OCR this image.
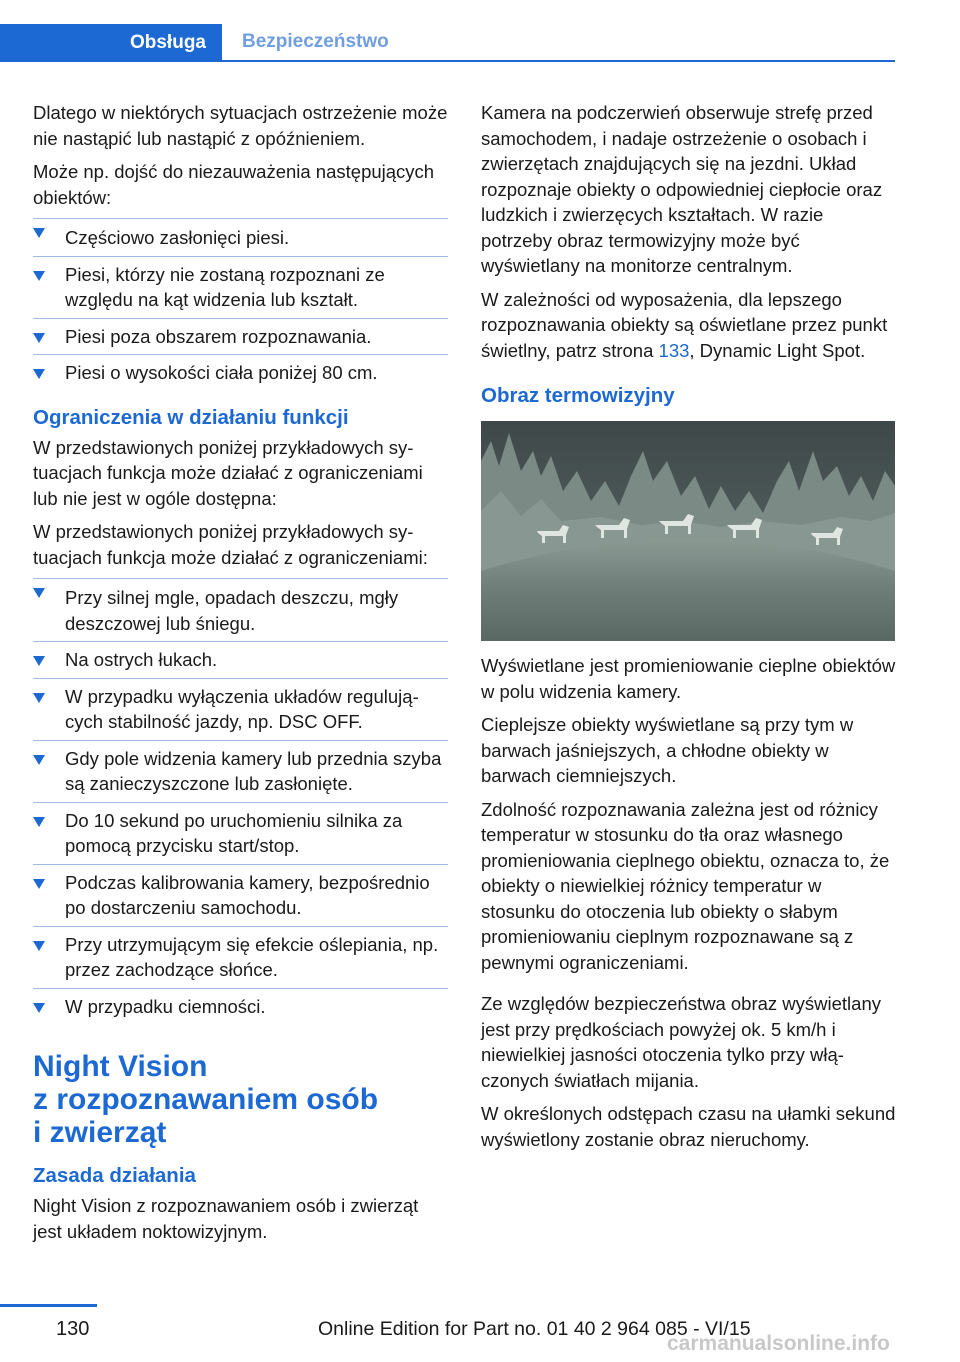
Obsługa	Bezpieczeństwo

Dlatego w niektórych sytuacjach ostrzeżenie może nie nastąpić lub nastąpić z opóźnieniem.

Może np. dojść do niezauważenia następujących obiektów:

Częściowo zasłonięci piesi.
Piesi, którzy nie zostaną rozpoznani ze względu na kąt widzenia lub kształt.
Piesi poza obszarem rozpoznawania.
Piesi o wysokości ciała poniżej 80 cm.
Ograniczenia w działaniu funkcji

W przedstawionych poniżej przykładowych sytuacjach funkcja może działać z ograniczeniami lub nie jest w ogóle dostępna:

W przedstawionych poniżej przykładowych sytuacjach funkcja może działać z ograniczeniami:

Przy silnej mgle, opadach deszczu, mgły deszczowej lub śniegu.
Na ostrych łukach.
W przypadku wyłączenia układów regulujących stabilność jazdy, np. DSC OFF.
Gdy pole widzenia kamery lub przednia szyba są zanieczyszczone lub zasłonięte.
Do 10 sekund po uruchomieniu silnika za pomocą przycisku start/stop.
Podczas kalibrowania kamery, bezpośrednio po dostarczeniu samochodu.
Przy utrzymującym się efekcie oślepiania, np. przez zachodzące słońce.
W przypadku ciemności.
Night Vision
z rozpoznawaniem osób
i zwierząt
Zasada działania

Night Vision z rozpoznawaniem osób i zwierząt jest układem noktowizyjnym.

Kamera na podczerwień obserwuje strefę przed samochodem, i nadaje ostrzeżenie o osobach i zwierzętach znajdujących się na jezdni. Układ rozpoznaje obiekty o odpowiedniej ciepłocie oraz ludzkich i zwierzęcych kształtach. W razie potrzeby obraz termowizyjny może być wyświetlany na monitorze centralnym.

W zależności od wyposażenia, dla lepszego rozpoznawania obiekty są oświetlane przez punkt świetlny, patrz strona 133, Dynamic Light Spot.

Obraz termowizyjny

Wyświetlane jest promieniowanie cieplne obiektów w polu widzenia kamery.

Cieplejsze obiekty wyświetlane są przy tym w barwach jaśniejszych, a chłodne obiekty w barwach ciemniejszych.

Zdolność rozpoznawania zależna jest od różnicy temperatur w stosunku do tła oraz własnego promieniowania cieplnego obiektu, oznacza to, że obiekty o niewielkiej różnicy temperatur w stosunku do otoczenia lub obiekty o słabym promieniowaniu cieplnym rozpoznawane są z pewnymi ograniczeniami.

Ze względów bezpieczeństwa obraz wyświetlany jest przy prędkościach powyżej ok. 5 km/h i niewielkiej jasności otoczenia tylko przy włączonych światłach mijania.

W określonych odstępach czasu na ułamki sekund wyświetlony zostanie obraz nieruchomy.

130	Online Edition for Part no. 01 40 2 964 085 - VI/15
carmanualsonline.info
